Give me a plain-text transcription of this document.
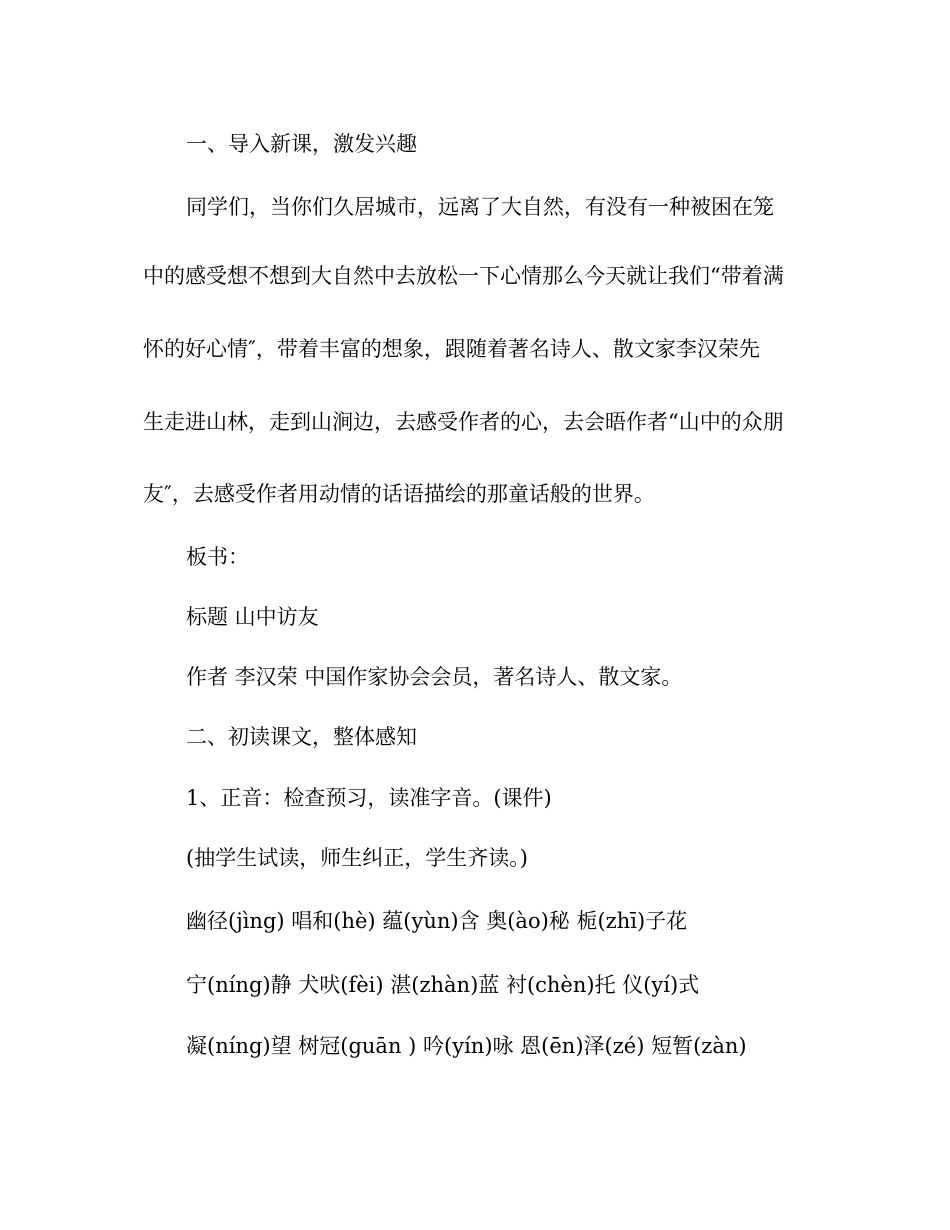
一、导入新课，激发兴趣
同学们，当你们久居城市，远离了大自然，有没有一种被困在笼
中的感受想不想到大自然中去放松一下心情那么今天就让我们“带着满
怀的好心情″，带着丰富的想象，跟随着著名诗人、散文家李汉荣先
生走进山林，走到山涧边，去感受作者的心，去会晤作者“山中的众朋
友″，去感受作者用动情的话语描绘的那童话般的世界。
板书：
标题 山中访友
作者 李汉荣 中国作家协会会员，著名诗人、散文家。
二、初读课文，整体感知
1、正音：检查预习，读准字音。(课件)
(抽学生试读，师生纠正，学生齐读。)
幽径(jìng) 唱和(hè) 蕴(yùn)含 奥(ào)秘 栀(zhī)子花
宁(níng)静 犬吠(fèi) 湛(zhàn)蓝 衬(chèn)托 仪(yí)式
凝(níng)望 树冠(guān ) 吟(yín)咏 恩(ēn)泽(zé) 短暂(zàn)
